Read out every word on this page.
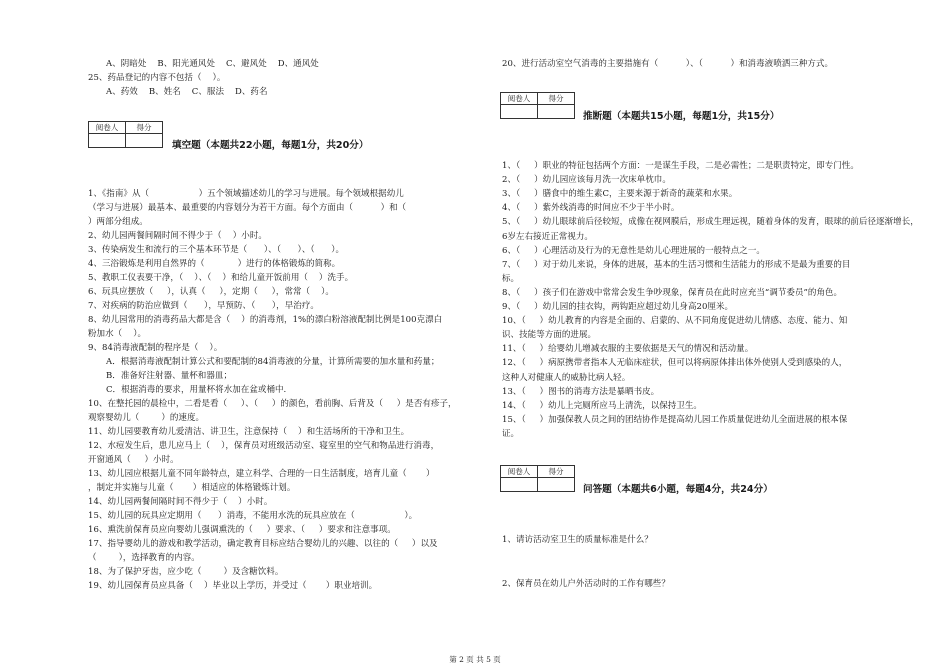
A、阴暗处    B、阳光通风处    C、避风处    D、通风处
25、药品登记的内容不包括（    ）。
A、药效    B、姓名    C、服法    D、药名
阅卷人	得分

填空题（本题共22小题，每题1分，共20分）
1、《指南》从（                  ）五个领域描述幼儿的学习与进展。每个领域根据幼儿
（学习与进展）最基本、最重要的内容划分为若干方面。每个方面由（          ）和（
）两部分组成。
2、幼儿园两餐间隔时间不得少于（    ）小时。
3、传染病发生和流行的三个基本环节是（      ）、（      ）、（      ）。
4、三浴锻炼是利用自然界的（            ）进行的体格锻炼的简称。
5、教职工仪表要干净，（    ）、（    ）和给儿童开饭前用（    ）洗手。
6、玩具应摆放（     ），认真（     ），定期（     ），常常（    ）。
7、对疾病的防治应做到（      ），早预防、（      ），早治疗。
8、幼儿园常用的消毒药品大都是含（    ）的消毒剂，1%的漂白粉溶液配制比例是100克漂白
粉加水（    ）。
9、84消毒液配制的程序是（    ）。
A．根据消毒液配制计算公式和要配制的84消毒液的分量，计算所需要的加水量和药量；
B．准备好注射器、量杯和器皿；
C．根据消毒的要求，用量杯将水加在盆或桶中.
10、在整托园的晨检中，二看是看（     ）、（     ）的颜色，看前胸、后背及（     ）是否有疹子，
观察婴幼儿（        ）的速度。
11、幼儿园要教育幼儿爱清洁、讲卫生，注意保持（    ）和生活场所的干净和卫生。
12、水痘发生后，患儿应马上（    ），保育员对班级活动室、寝室里的空气和物品进行消毒，
开窗通风（     ）小时。
13、幼儿园应根据儿童不同年龄特点，建立科学、合理的一日生活制度，培育儿童（       ）
，制定并实施与儿童（       ）相适应的体格锻炼计划。
14、幼儿园两餐间隔时间不得少于（    ）小时。
15、幼儿园的玩具应定期用（      ）消毒，不能用水洗的玩具应放在（                  ）。
16、熏洗前保育员应向婴幼儿强调熏洗的（     ）要求、（     ）要求和注意事项。
17、指导婴幼儿的游戏和教学活动，确定教育目标应结合婴幼儿的兴趣、以往的（     ）以及
（        ），选择教育的内容。
18、为了保护牙齿，应少吃（        ）及含糖饮料。
19、幼儿园保育员应具备（    ）毕业以上学历，并受过（       ）职业培训。
20、进行活动室空气消毒的主要措施有（          ）、（          ）和消毒液喷洒三种方式。
阅卷人	得分

推断题（本题共15小题，每题1分，共15分）
1、（     ）职业的特征包括两个方面：一是谋生手段，二是必需性；二是职责特定，即专门性。
2、（     ）幼儿园应该每月洗一次床单枕巾。
3、（     ）膳食中的维生素C，主要来源于新奇的蔬菜和水果。
4、（     ）紫外线消毒的时间应不少于半小时。
5、（     ）幼儿眼球前后径较短，成像在视网膜后，形成生理远视，随着身体的发育，眼球的前后径逐渐增长，
6岁左右接近正常视力。
6、（     ）心理活动及行为的无意性是幼儿心理进展的一般特点之一。
7、（     ）对于幼儿来说，身体的进展，基本的生活习惯和生活能力的形成不是最为重要的目
标。
8、（     ）孩子们在游戏中常常会发生争吵现象，保育员在此时应充当“调节委员”的角色。
9、（     ）幼儿园的挂衣钩，两钩距应超过幼儿身高20厘米。
10、（     ）幼儿教育的内容是全面的、启蒙的、从不同角度促进幼儿情感、态度、能力、知
识、技能等方面的进展。
11、（     ）给婴幼儿增减衣服的主要依据是天气的情况和活动量。
12、（     ）病原携带者指本人无临床症状，但可以将病原体排出体外使别人受到感染的人，
这种人对健康人的威胁比病人轻。
13、（     ）图书的消毒方法是暴晒书皮。
14、（     ）幼儿上完厕所应马上清洗，以保持卫生。
15、（     ）加强保教人员之间的团结协作是提高幼儿园工作质量促进幼儿全面进展的根本保
证。
阅卷人	得分

问答题（本题共6小题，每题4分，共24分）
1、请访活动室卫生的质量标准是什么？
2、保育员在幼儿户外活动时的工作有哪些？
第 2 页 共 5 页
